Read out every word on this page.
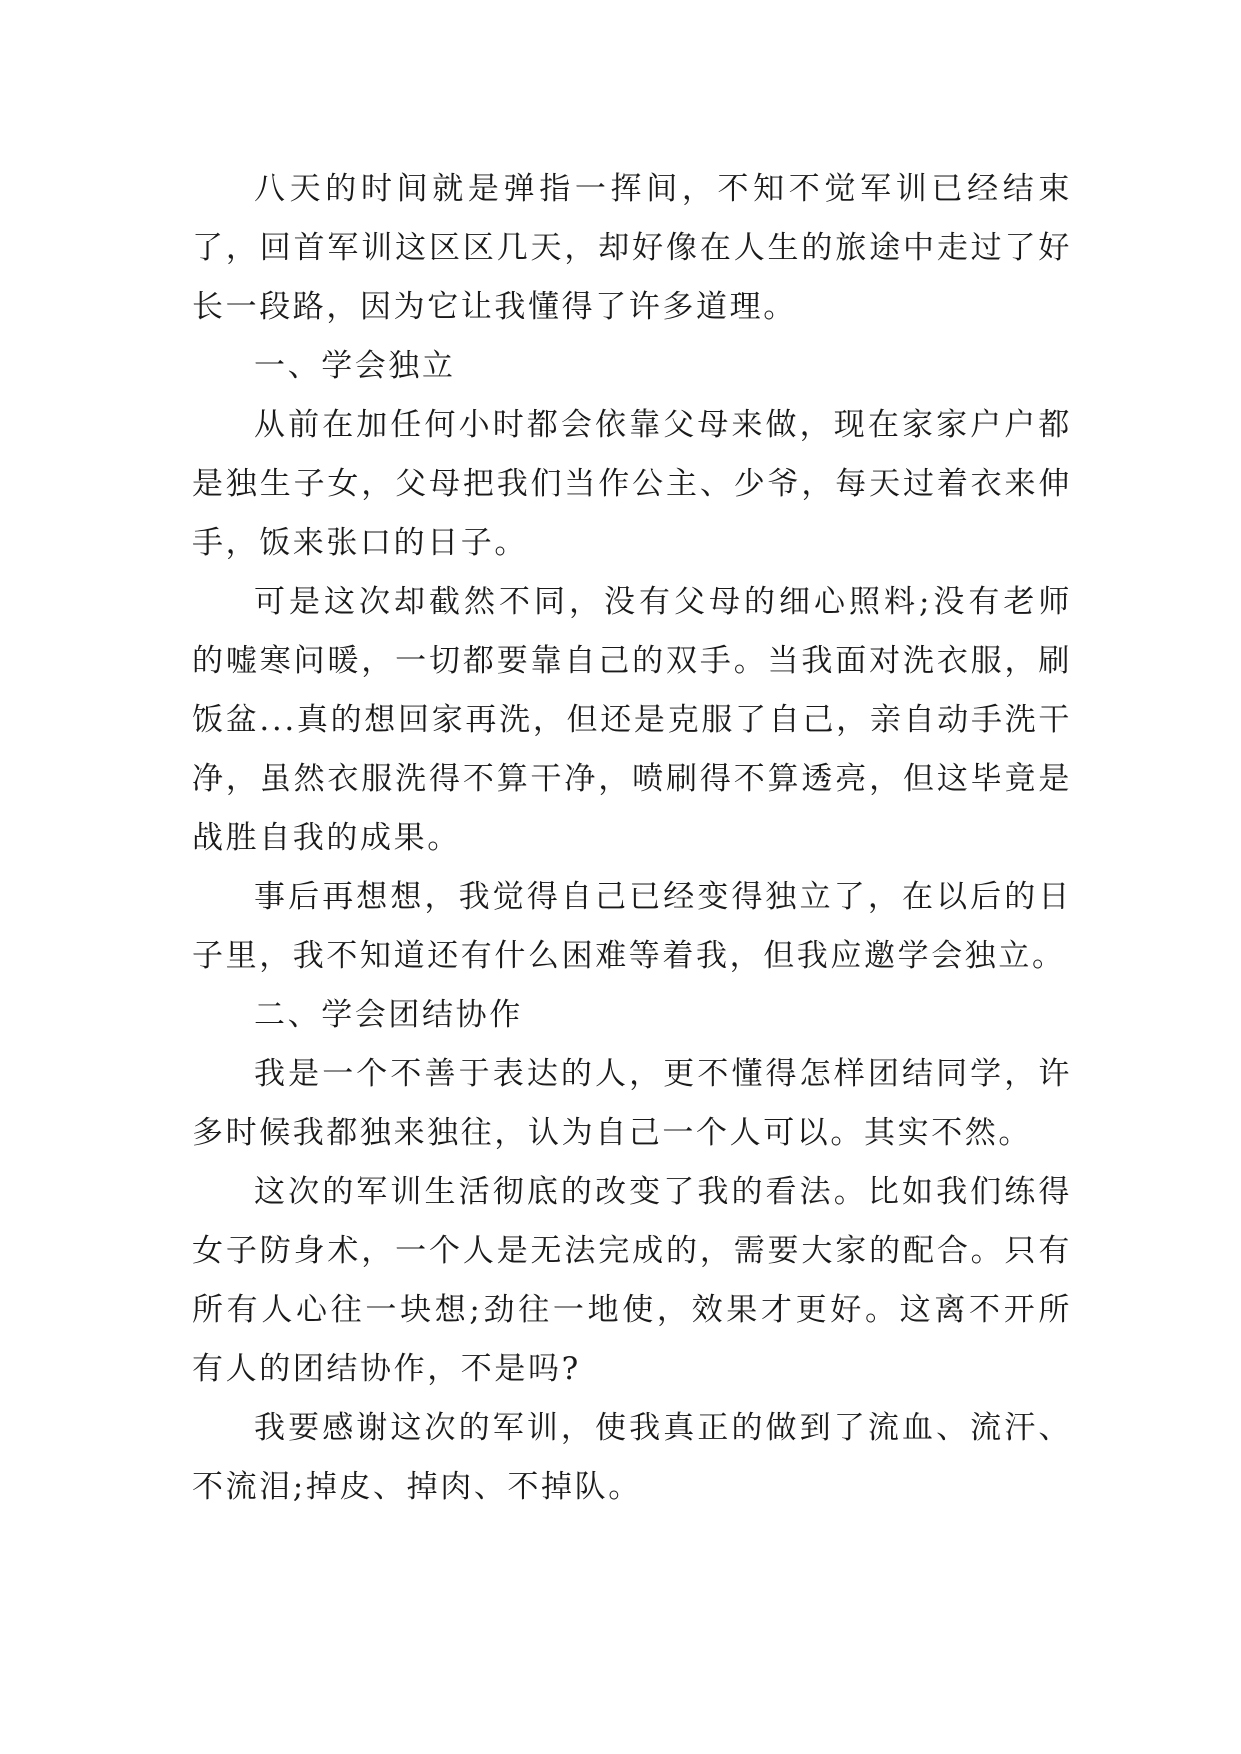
八天的时间就是弹指一挥间，不知不觉军训已经结束了，回首军训这区区几天，却好像在人生的旅途中走过了好长一段路，因为它让我懂得了许多道理。

一、学会独立

从前在加任何小时都会依靠父母来做，现在家家户户都是独生子女，父母把我们当作公主、少爷，每天过着衣来伸手，饭来张口的日子。

可是这次却截然不同，没有父母的细心照料;没有老师的嘘寒问暖，一切都要靠自己的双手。当我面对洗衣服，刷饭盆...真的想回家再洗，但还是克服了自己，亲自动手洗干净，虽然衣服洗得不算干净，喷刷得不算透亮，但这毕竟是战胜自我的成果。

事后再想想，我觉得自己已经变得独立了，在以后的日子里，我不知道还有什么困难等着我，但我应邀学会独立。

二、学会团结协作

我是一个不善于表达的人，更不懂得怎样团结同学，许多时候我都独来独往，认为自己一个人可以。其实不然。

这次的军训生活彻底的改变了我的看法。比如我们练得女子防身术，一个人是无法完成的，需要大家的配合。只有所有人心往一块想;劲往一地使，效果才更好。这离不开所有人的团结协作，不是吗?

我要感谢这次的军训，使我真正的做到了流血、流汗、不流泪;掉皮、掉肉、不掉队。
